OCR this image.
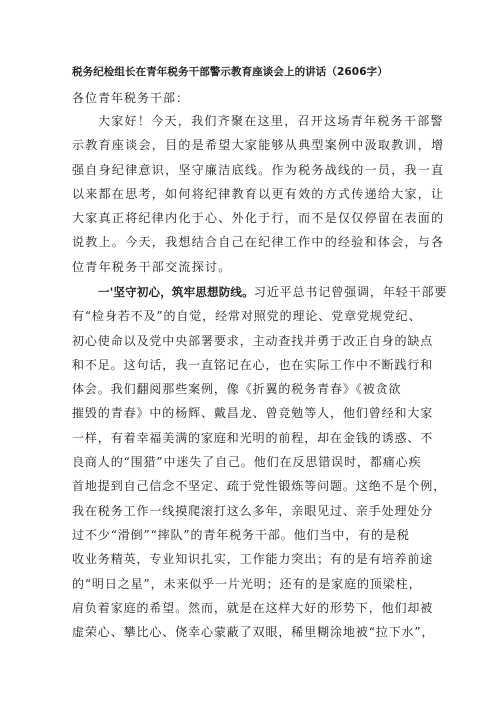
税务纪检组长在青年税务干部警示教育座谈会上的讲话（2606字）
各位青年税务干部：
大家好！今天，我们齐聚在这里，召开这场青年税务干部警
示教育座谈会，目的是希望大家能够从典型案例中汲取教训，增
强自身纪律意识，坚守廉洁底线。作为税务战线的一员，我一直
以来都在思考，如何将纪律教育以更有效的方式传递给大家，让
大家真正将纪律内化于心、外化于行，而不是仅仅停留在表面的
说教上。今天，我想结合自己在纪律工作中的经验和体会，与各
位青年税务干部交流探讨。
一'坚守初心，筑牢思想防线。习近平总书记曾强调，年轻干部要
有“检身若不及”的自觉，经常对照党的理论、党章党规党纪、
初心使命以及党中央部署要求，主动查找并勇于改正自身的缺点
和不足。这句话，我一直铭记在心，也在实际工作中不断践行和
体会。我们翻阅那些案例，像《折翼的税务青春》《被贪欲
摧毁的青春》中的杨辉、戴昌龙、曾竞勉等人，他们曾经和大家
一样，有着幸福美满的家庭和光明的前程，却在金钱的诱惑、不
良商人的“围猎”中迷失了自己。他们在反思错误时，都痛心疾
首地提到自己信念不坚定、疏于党性锻炼等问题。这绝不是个例，
我在税务工作一线摸爬滚打这么多年，亲眼见过、亲手处理处分
过不少“滑倒”“摔队”的青年税务干部。他们当中，有的是税
收业务精英，专业知识扎实，工作能力突出；有的是有培养前途
的“明日之星”，未来似乎一片光明；还有的是家庭的顶梁柱，
肩负着家庭的希望。然而，就是在这样大好的形势下，他们却被
虚荣心、攀比心、侥幸心蒙蔽了双眼，稀里糊涂地被“拉下水”，
